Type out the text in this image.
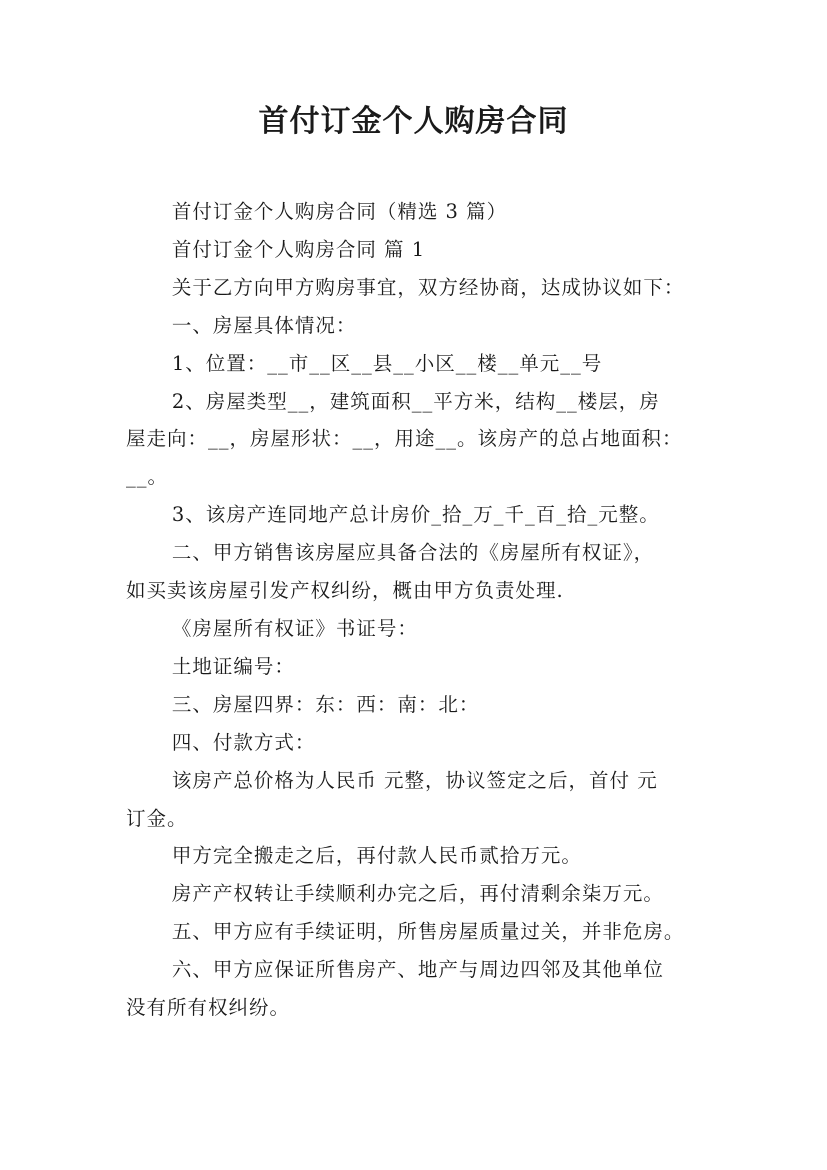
首付订金个人购房合同

首付订金个人购房合同（精选 3 篇）

首付订金个人购房合同 篇 1

关于乙方向甲方购房事宜，双方经协商，达成协议如下：

一、房屋具体情况：

1、位置：__市__区__县__小区__楼__单元__号

2、房屋类型__，建筑面积__平方米，结构__楼层，房
屋走向：__，房屋形状：__，用途__。该房产的总占地面积：
__。

3、该房产连同地产总计房价_拾_万_千_百_拾_元整。

二、甲方销售该房屋应具备合法的《房屋所有权证》，
如买卖该房屋引发产权纠纷，概由甲方负责处理.

《房屋所有权证》书证号：

土地证编号：

三、房屋四界：东：西：南：北：

四、付款方式：

该房产总价格为人民币 元整，协议签定之后，首付 元
订金。

甲方完全搬走之后，再付款人民币贰拾万元。

房产产权转让手续顺利办完之后，再付清剩余柒万元。

五、甲方应有手续证明，所售房屋质量过关，并非危房。

六、甲方应保证所售房产、地产与周边四邻及其他单位
没有所有权纠纷。
